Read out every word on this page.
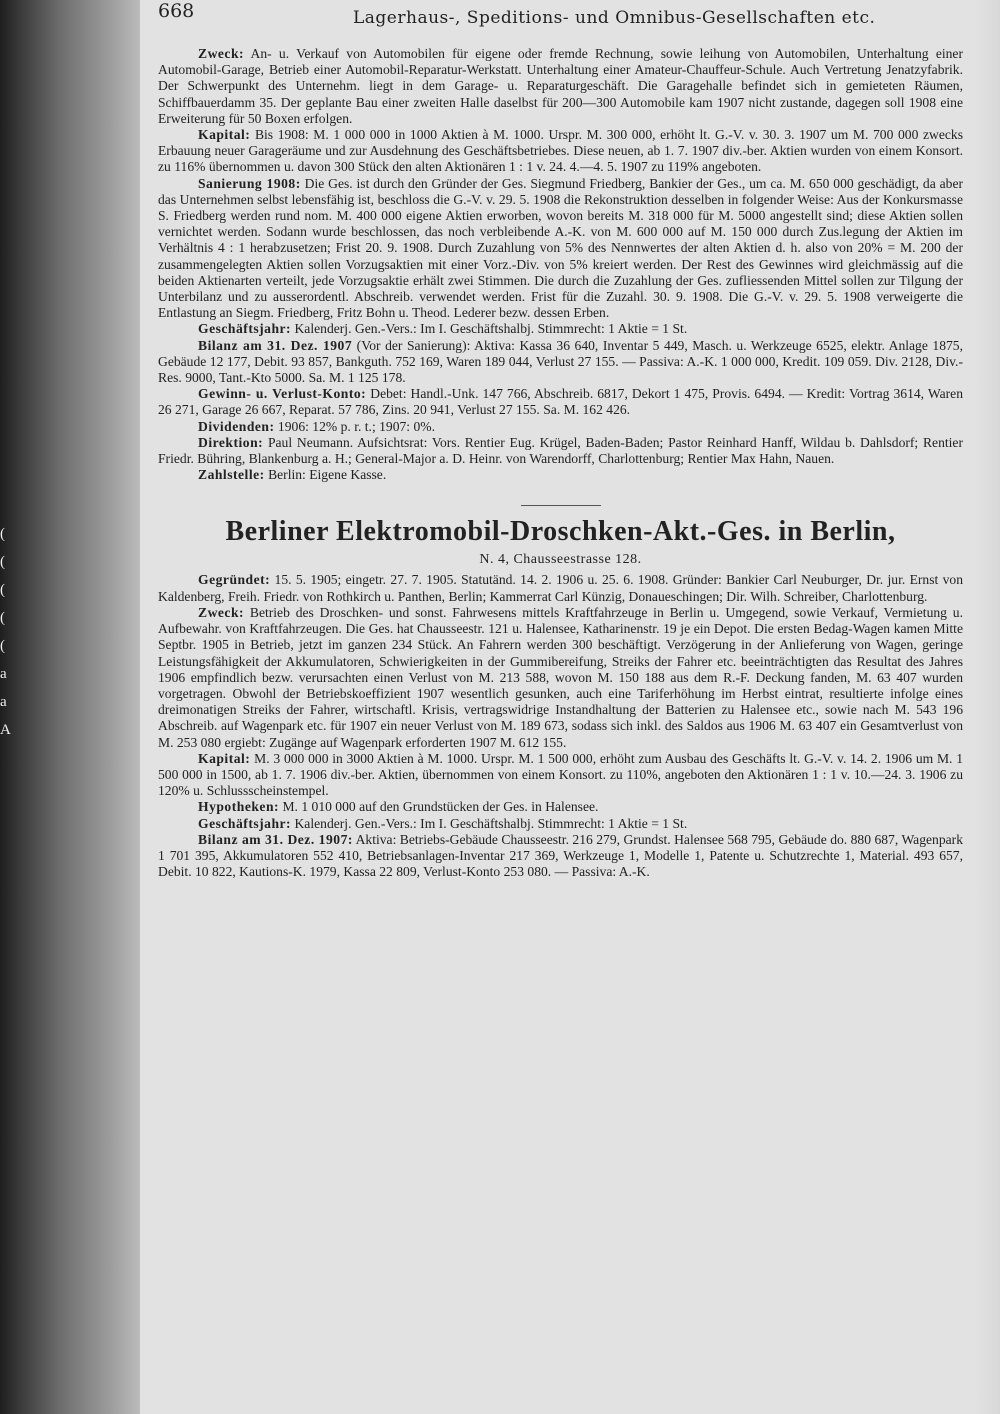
(
(
(
(
(
a
a
A
668	Lagerhaus-, Speditions- und Omnibus-Gesellschaften etc.

Zweck: An- u. Verkauf von Automobilen für eigene oder fremde Rechnung, sowie leihung von Automobilen, Unterhaltung einer Automobil-Garage, Betrieb einer Automobil-Reparatur-Werkstatt. Unterhaltung einer Amateur-Chauffeur-Schule. Auch Vertretung Jenatzyfabrik. Der Schwerpunkt des Unternehm. liegt in dem Garage- u. Reparaturgeschäft. Die Garagehalle befindet sich in gemieteten Räumen, Schiffbauerdamm 35. Der geplante Bau einer zweiten Halle daselbst für 200—300 Automobile kam 1907 nicht zustande, dagegen soll 1908 eine Erweiterung für 50 Boxen erfolgen.

Kapital: Bis 1908: M. 1 000 000 in 1000 Aktien à M. 1000. Urspr. M. 300 000, erhöht lt. G.-V. v. 30. 3. 1907 um M. 700 000 zwecks Erbauung neuer Garageräume und zur Ausdehnung des Geschäftsbetriebes. Diese neuen, ab 1. 7. 1907 div.-ber. Aktien wurden von einem Konsort. zu 116% übernommen u. davon 300 Stück den alten Aktionären 1 : 1 v. 24. 4.—4. 5. 1907 zu 119% angeboten.

Sanierung 1908: Die Ges. ist durch den Gründer der Ges. Siegmund Friedberg, Bankier der Ges., um ca. M. 650 000 geschädigt, da aber das Unternehmen selbst lebensfähig ist, beschloss die G.-V. v. 29. 5. 1908 die Rekonstruktion desselben in folgender Weise: Aus der Konkursmasse S. Friedberg werden rund nom. M. 400 000 eigene Aktien erworben, wovon bereits M. 318 000 für M. 5000 angestellt sind; diese Aktien sollen vernichtet werden. Sodann wurde beschlossen, das noch verbleibende A.-K. von M. 600 000 auf M. 150 000 durch Zus.legung der Aktien im Verhältnis 4 : 1 herabzusetzen; Frist 20. 9. 1908. Durch Zuzahlung von 5% des Nennwertes der alten Aktien d. h. also von 20% = M. 200 der zusammengelegten Aktien sollen Vorzugsaktien mit einer Vorz.-Div. von 5% kreiert werden. Der Rest des Gewinnes wird gleichmässig auf die beiden Aktienarten verteilt, jede Vorzugsaktie erhält zwei Stimmen. Die durch die Zuzahlung der Ges. zufliessenden Mittel sollen zur Tilgung der Unterbilanz und zu ausserordentl. Abschreib. verwendet werden. Frist für die Zuzahl. 30. 9. 1908. Die G.-V. v. 29. 5. 1908 verweigerte die Entlastung an Siegm. Friedberg, Fritz Bohn u. Theod. Lederer bezw. dessen Erben.

Geschäftsjahr: Kalenderj. Gen.-Vers.: Im I. Geschäftshalbj. Stimmrecht: 1 Aktie = 1 St.

Bilanz am 31. Dez. 1907 (Vor der Sanierung): Aktiva: Kassa 36 640, Inventar 5 449, Masch. u. Werkzeuge 6525, elektr. Anlage 1875, Gebäude 12 177, Debit. 93 857, Bankguth. 752 169, Waren 189 044, Verlust 27 155. — Passiva: A.-K. 1 000 000, Kredit. 109 059. Div. 2128, Div.-Res. 9000, Tant.-Kto 5000. Sa. M. 1 125 178.

Gewinn- u. Verlust-Konto: Debet: Handl.-Unk. 147 766, Abschreib. 6817, Dekort 1 475, Provis. 6494. — Kredit: Vortrag 3614, Waren 26 271, Garage 26 667, Reparat. 57 786, Zins. 20 941, Verlust 27 155. Sa. M. 162 426.

Dividenden: 1906: 12% p. r. t.; 1907: 0%.

Direktion: Paul Neumann. Aufsichtsrat: Vors. Rentier Eug. Krügel, Baden-Baden; Pastor Reinhard Hanff, Wildau b. Dahlsdorf; Rentier Friedr. Bühring, Blankenburg a. H.; General-Major a. D. Heinr. von Warendorff, Charlottenburg; Rentier Max Hahn, Nauen.

Zahlstelle: Berlin: Eigene Kasse.

Berliner Elektromobil-Droschken-Akt.-Ges. in Berlin,
N. 4, Chausseestrasse 128.

Gegründet: 15. 5. 1905; eingetr. 27. 7. 1905. Statutänd. 14. 2. 1906 u. 25. 6. 1908. Gründer: Bankier Carl Neuburger, Dr. jur. Ernst von Kaldenberg, Freih. Friedr. von Rothkirch u. Panthen, Berlin; Kammerrat Carl Künzig, Donaueschingen; Dir. Wilh. Schreiber, Charlottenburg.

Zweck: Betrieb des Droschken- und sonst. Fahrwesens mittels Kraftfahrzeuge in Berlin u. Umgegend, sowie Verkauf, Vermietung u. Aufbewahr. von Kraftfahrzeugen. Die Ges. hat Chausseestr. 121 u. Halensee, Katharinenstr. 19 je ein Depot. Die ersten Bedag-Wagen kamen Mitte Septbr. 1905 in Betrieb, jetzt im ganzen 234 Stück. An Fahrern werden 300 beschäftigt. Verzögerung in der Anlieferung von Wagen, geringe Leistungsfähigkeit der Akkumulatoren, Schwierigkeiten in der Gummibereifung, Streiks der Fahrer etc. beeinträchtigten das Resultat des Jahres 1906 empfindlich bezw. verursachten einen Verlust von M. 213 588, wovon M. 150 188 aus dem R.-F. Deckung fanden, M. 63 407 wurden vorgetragen. Obwohl der Betriebskoeffizient 1907 wesentlich gesunken, auch eine Tariferhöhung im Herbst eintrat, resultierte infolge eines dreimonatigen Streiks der Fahrer, wirtschaftl. Krisis, vertragswidrige Instandhaltung der Batterien zu Halensee etc., sowie nach M. 543 196 Abschreib. auf Wagenpark etc. für 1907 ein neuer Verlust von M. 189 673, sodass sich inkl. des Saldos aus 1906 M. 63 407 ein Gesamtverlust von M. 253 080 ergiebt: Zugänge auf Wagenpark erforderten 1907 M. 612 155.

Kapital: M. 3 000 000 in 3000 Aktien à M. 1000. Urspr. M. 1 500 000, erhöht zum Ausbau des Geschäfts lt. G.-V. v. 14. 2. 1906 um M. 1 500 000 in 1500, ab 1. 7. 1906 div.-ber. Aktien, übernommen von einem Konsort. zu 110%, angeboten den Aktionären 1 : 1 v. 10.—24. 3. 1906 zu 120% u. Schlussscheinstempel.

Hypotheken: M. 1 010 000 auf den Grundstücken der Ges. in Halensee.

Geschäftsjahr: Kalenderj. Gen.-Vers.: Im I. Geschäftshalbj. Stimmrecht: 1 Aktie = 1 St.

Bilanz am 31. Dez. 1907: Aktiva: Betriebs-Gebäude Chausseestr. 216 279, Grundst. Halensee 568 795, Gebäude do. 880 687, Wagenpark 1 701 395, Akkumulatoren 552 410, Betriebsanlagen-Inventar 217 369, Werkzeuge 1, Modelle 1, Patente u. Schutzrechte 1, Material. 493 657, Debit. 10 822, Kautions-K. 1979, Kassa 22 809, Verlust-Konto 253 080. — Passiva: A.-K.
